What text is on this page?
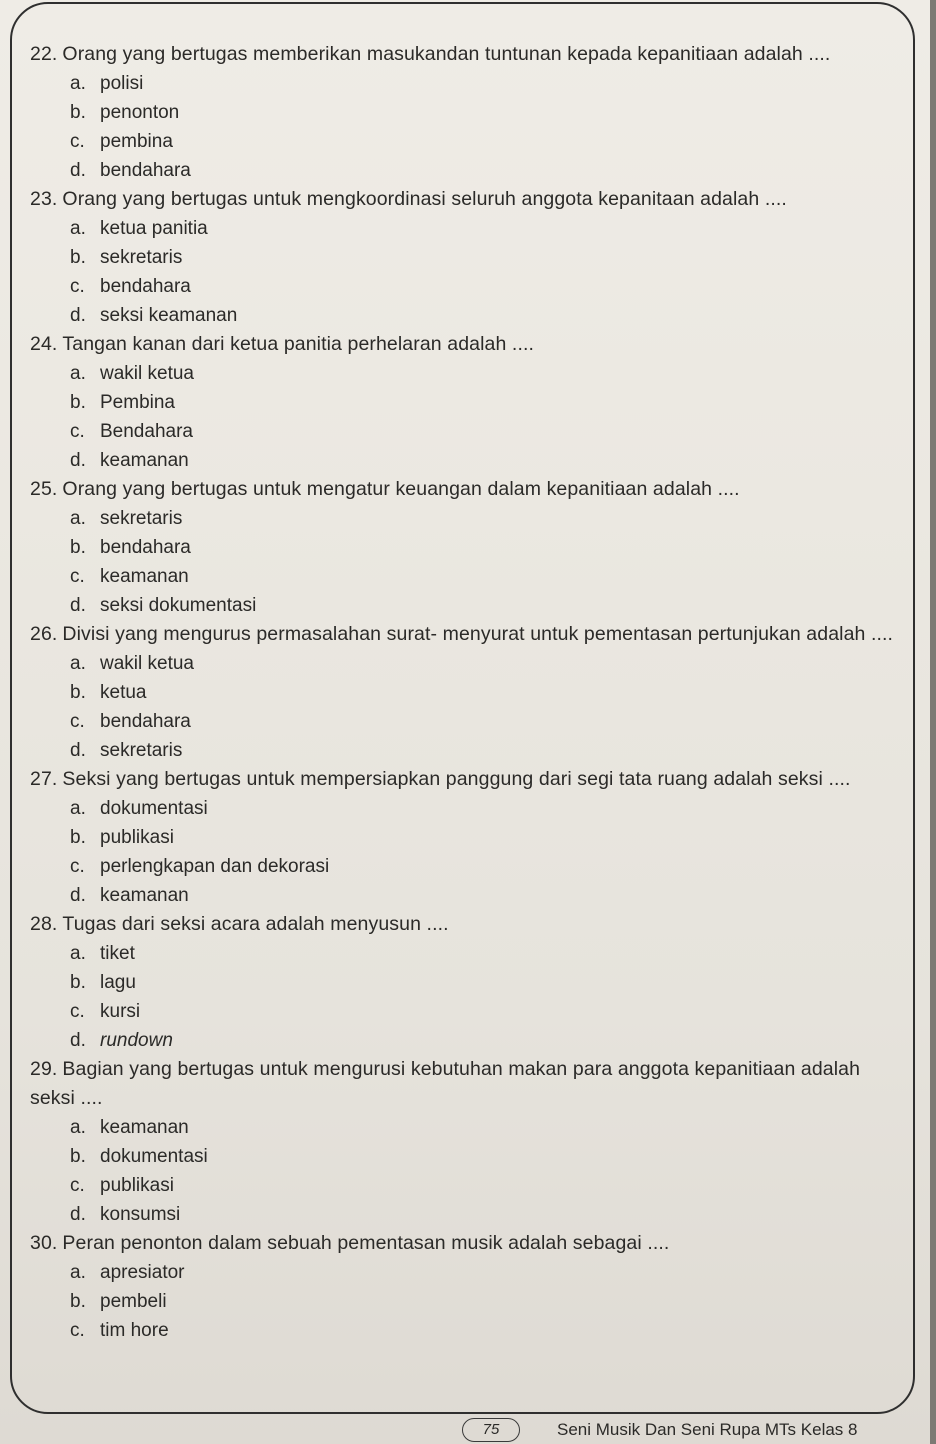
22. Orang yang bertugas memberikan masukandan tuntunan kepada kepanitiaan adalah ....

a. polisi
b. penonton
c. pembina
d. bendahara

23. Orang yang bertugas untuk mengkoordinasi seluruh anggota kepanitaan adalah ....

a. ketua panitia
b. sekretaris
c. bendahara
d. seksi keamanan

24. Tangan kanan dari ketua panitia perhelaran adalah ....

a. wakil ketua
b. Pembina
c. Bendahara
d. keamanan

25. Orang yang bertugas untuk mengatur keuangan dalam kepanitiaan adalah ....

a. sekretaris
b. bendahara
c. keamanan
d. seksi dokumentasi

26. Divisi yang mengurus permasalahan surat- menyurat untuk pementasan pertunjukan adalah ....

a. wakil ketua
b. ketua
c. bendahara
d. sekretaris

27. Seksi yang bertugas untuk mempersiapkan panggung dari segi tata ruang adalah seksi ....

a. dokumentasi
b. publikasi
c. perlengkapan dan dekorasi
d. keamanan

28. Tugas dari seksi acara adalah menyusun ....

a. tiket
b. lagu
c. kursi
d. rundown

29. Bagian yang bertugas untuk mengurusi kebutuhan makan para anggota kepanitiaan adalah seksi ....

a. keamanan
b. dokumentasi
c. publikasi
d. konsumsi

30. Peran penonton dalam sebuah pementasan musik adalah sebagai ....

a. apresiator
b. pembeli
c. tim hore
75	Seni Musik Dan Seni Rupa MTs Kelas 8
